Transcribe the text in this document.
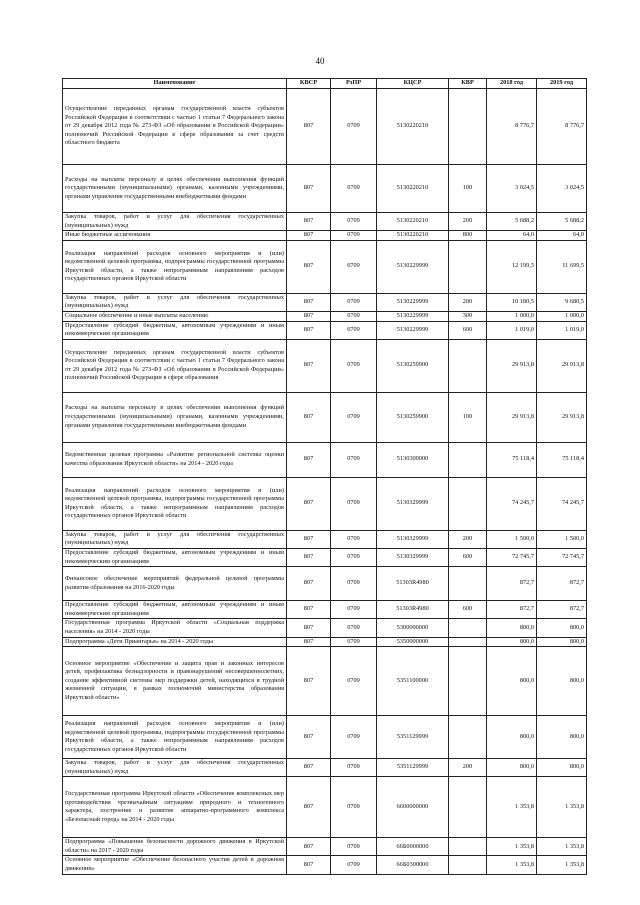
40
Наименование	КВСР	РзПР	КЦСР	КВР	2018 год	2019 год
Осуществление переданных органам государственной власти субъектов Российской Федерации в соответствии с частью 1 статьи 7 Федерального закона от 29 декабря 2012 года № 273-ФЗ «Об образовании в Российской Федерации» полномочий Российской Федерации в сфере образования за счет средств областного бюджета	807	0709	5130220210		8 776,7	8 776,7
Расходы на выплаты персоналу в целях обеспечения выполнения функций государственными (муниципальными) органами, казенными учреждениями, органами управления государственными внебюджетными фондами	807	0709	5130220210	100	3 024,5	3 024,5
Закупка товаров, работ и услуг для обеспечения государственных (муниципальных) нужд	807	0709	5130220210	200	5 688,2	5 688,2
Иные бюджетные ассигнования	807	0709	5130220210	800	64,0	64,0
Реализация направлений расходов основного мероприятия и (или) ведомственной целевой программы, подпрограммы государственной программы Иркутской области, а также непрограммным направлениям расходов государственных органов Иркутской области	807	0709	5130229999		12 199,5	11 699,5
Закупка товаров, работ и услуг для обеспечения государственных (муниципальных) нужд	807	0709	5130229999	200	10 180,5	9 680,5
Социальное обеспечение и иные выплаты населению	807	0709	5130229999	300	1 000,0	1 000,0
Предоставление субсидий бюджетным, автономным учреждениям и иным некоммерческим организациям	807	0709	5130229999	600	1 019,0	1 019,0
Осуществление переданных органам государственной власти субъектов Российской Федерации в соответствии с частью 1 статьи 7 Федерального закона от 29 декабря 2012 года № 273-ФЗ «Об образовании в Российской Федерации» полномочий Российской Федерации в сфере образования	807	0709	5130259900		29 913,8	29 913,8
Расходы на выплаты персоналу в целях обеспечения выполнения функций государственными (муниципальными) органами, казенными учреждениями, органами управления государственными внебюджетными фондами	807	0709	5130259900	100	29 913,8	29 913,8
Ведомственная целевая программа «Развитие региональной системы оценки качества образования Иркутской области» на 2014 - 2020 годы	807	0709	5130300000		75 118,4	75 118,4
Реализация направлений расходов основного мероприятия и (или) ведомственной целевой программы, подпрограммы государственной программы Иркутской области, а также непрограммным направлениям расходов государственных органов Иркутской области	807	0709	5130329999		74 245,7	74 245,7
Закупка товаров, работ и услуг для обеспечения государственных (муниципальных) нужд	807	0709	5130329999	200	1 500,0	1 500,0
Предоставление субсидий бюджетным, автономным учреждениям и иным некоммерческим организациям	807	0709	5130329999	600	72 745,7	72 745,7
Финансовое обеспечение мероприятий федеральной целевой программы развития образования на 2016-2020 годы	807	0709	51303R4980		872,7	872,7
Предоставление субсидий бюджетным, автономным учреждениям и иным некоммерческим организациям	807	0709	51303R4980	600	872,7	872,7
Государственная программа Иркутской области «Социальная поддержка населения» на 2014 - 2020 годы	807	0709	5300000000		800,0	800,0
Подпрограмма «Дети Приангарья» на 2014 - 2020 годы	807	0709	5350000000		800,0	800,0
Основное мероприятие «Обеспечение и защита прав и законных интересов детей, профилактика безнадзорности и правонарушений несовершеннолетних, создание эффективной системы мер поддержки детей, находящихся в трудной жизненной ситуации, в рамках полномочий министерства образования Иркутской области»	807	0709	5351100000		800,0	800,0
Реализация направлений расходов основного мероприятия и (или) ведомственной целевой программы, подпрограммы государственной программы Иркутской области, а также непрограммным направлениям расходов государственных органов Иркутской области	807	0709	5351129999		800,0	800,0
Закупка товаров, работ и услуг для обеспечения государственных (муниципальных) нужд	807	0709	5351129999	200	800,0	800,0
Государственная программа Иркутской области «Обеспечение комплексных мер противодействия чрезвычайным ситуациям природного и техногенного характера, построение и развитие аппаратно-программного комплекса «Безопасный город» на 2014 - 2020 годы	807	0709	6600000000		1 353,8	1 353,8
Подпрограмма «Повышение безопасности дорожного движения в Иркутской области» на 2017 - 2020 годы	807	0709	66Б0000000		1 353,8	1 353,8
Основное мероприятие «Обеспечение безопасного участия детей в дорожном движении»	807	0709	66Б0300000		1 353,8	1 353,8
